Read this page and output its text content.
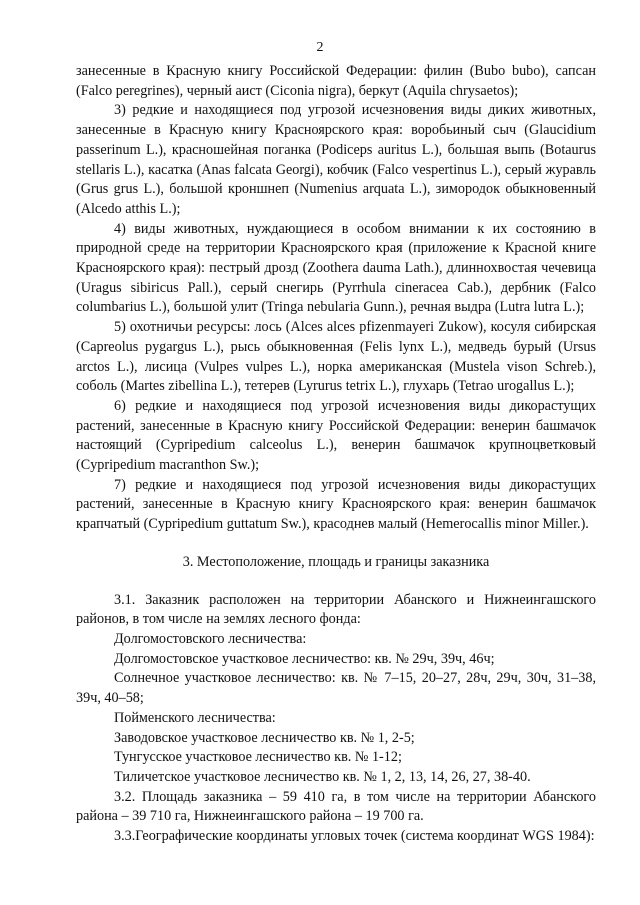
2

занесенные в Красную книгу Российской Федерации: филин (Bubo bubo), сапсан (Falco peregrines), черный аист (Ciconia nigra), беркут (Aquila chrysaetos);

3) редкие и находящиеся под угрозой исчезновения виды диких животных, занесенные в Красную книгу Красноярского края: воробьиный сыч (Glaucidium passerinum L.), красношейная поганка (Podiceps auritus L.), большая выпь (Botaurus stellaris L.), касатка (Anas falcata Georgi), кобчик (Falco vespertinus L.), серый журавль (Grus grus L.), большой кроншнеп (Numenius arquata L.), зимородок обыкновенный (Alcedo atthis L.);

4) виды животных, нуждающиеся в особом внимании к их состоянию в природной среде на территории Красноярского края (приложение к Красной книге Красноярского края): пестрый дрозд (Zoothera dauma Lath.), длиннохвостая чечевица (Uragus sibiricus Pall.), серый снегирь (Pyrrhula cineracea Cab.), дербник (Falco columbarius L.), большой улит (Tringa nebularia Gunn.), речная выдра (Lutra lutra L.);

5) охотничьи ресурсы: лось (Alces alces pfizenmayeri Zukow), косуля сибирская (Capreolus pygargus L.), рысь обыкновенная (Felis lynx L.), медведь бурый (Ursus arctos L.), лисица (Vulpes vulpes L.), норка американская (Mustela vison Schreb.), соболь (Martes zibellina L.), тетерев (Lyrurus tetrix L.), глухарь (Tetrao urogallus L.);

6) редкие и находящиеся под угрозой исчезновения виды дикорастущих растений, занесенные в Красную книгу Российской Федерации: венерин башмачок настоящий (Cypripedium calceolus L.), венерин башмачок крупноцветковый (Cypripedium macranthon Sw.);

7) редкие и находящиеся под угрозой исчезновения виды дикорастущих растений, занесенные в Красную книгу Красноярского края: венерин башмачок крапчатый (Cypripedium guttatum Sw.), красоднев малый (Hemerocallis minor Miller.).

3. Местоположение, площадь и границы заказника

3.1. Заказник расположен на территории Абанского и Нижнеингашского районов, в том числе на землях лесного фонда:

Долгомостовского лесничества:

Долгомостовское участковое лесничество: кв. № 29ч, 39ч, 46ч;

Солнечное участковое лесничество: кв. № 7–15, 20–27, 28ч, 29ч, 30ч, 31–38, 39ч, 40–58;

Пойменского лесничества:

Заводовское участковое лесничество кв. № 1, 2-5;

Тунгусское участковое лесничество кв. № 1-12;

Тиличетское участковое лесничество кв. № 1, 2, 13, 14, 26, 27, 38-40.

3.2. Площадь заказника – 59 410 га, в том числе на территории Абанского района – 39 710 га, Нижнеингашского района – 19 700 га.

3.3.Географические координаты угловых точек (система координат WGS 1984):
